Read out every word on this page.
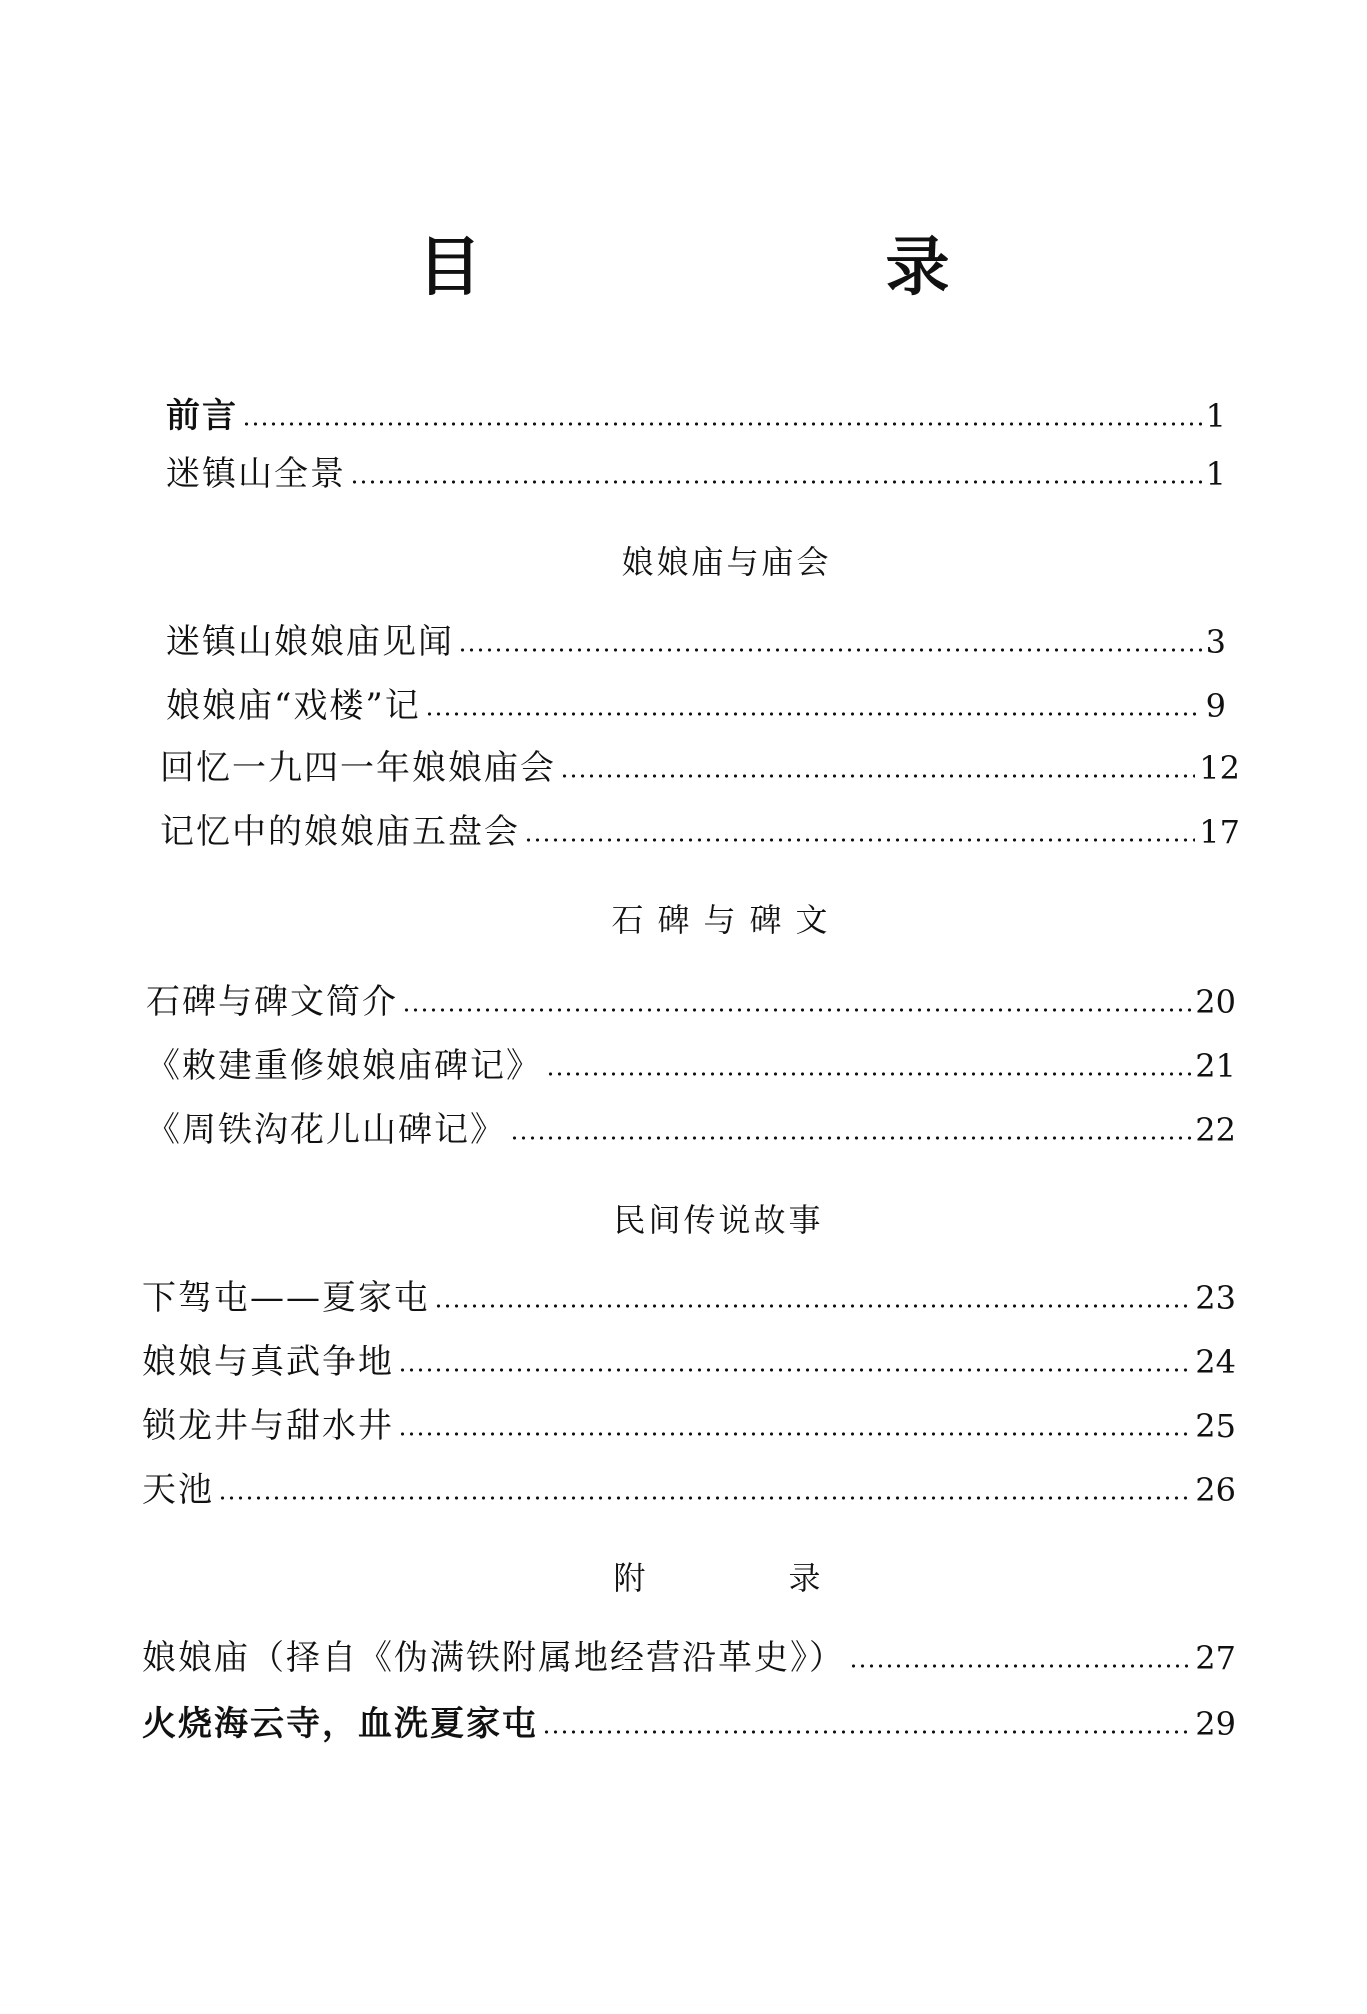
目　录
前言	1
迷镇山全景	1
娘娘庙与庙会
迷镇山娘娘庙见闻	3
娘娘庙“戏楼”记	9
回忆一九四一年娘娘庙会	12
记忆中的娘娘庙五盘会	17
石碑与碑文
石碑与碑文简介	20
《敕建重修娘娘庙碑记》	21
《周铁沟花儿山碑记》	22
民间传说故事
下驾屯——夏家屯	23
娘娘与真武争地	24
锁龙井与甜水井	25
天池	26
附　　　　录
娘娘庙（择自《伪满铁附属地经营沿革史》）	27
火烧海云寺，血洗夏家屯	29
